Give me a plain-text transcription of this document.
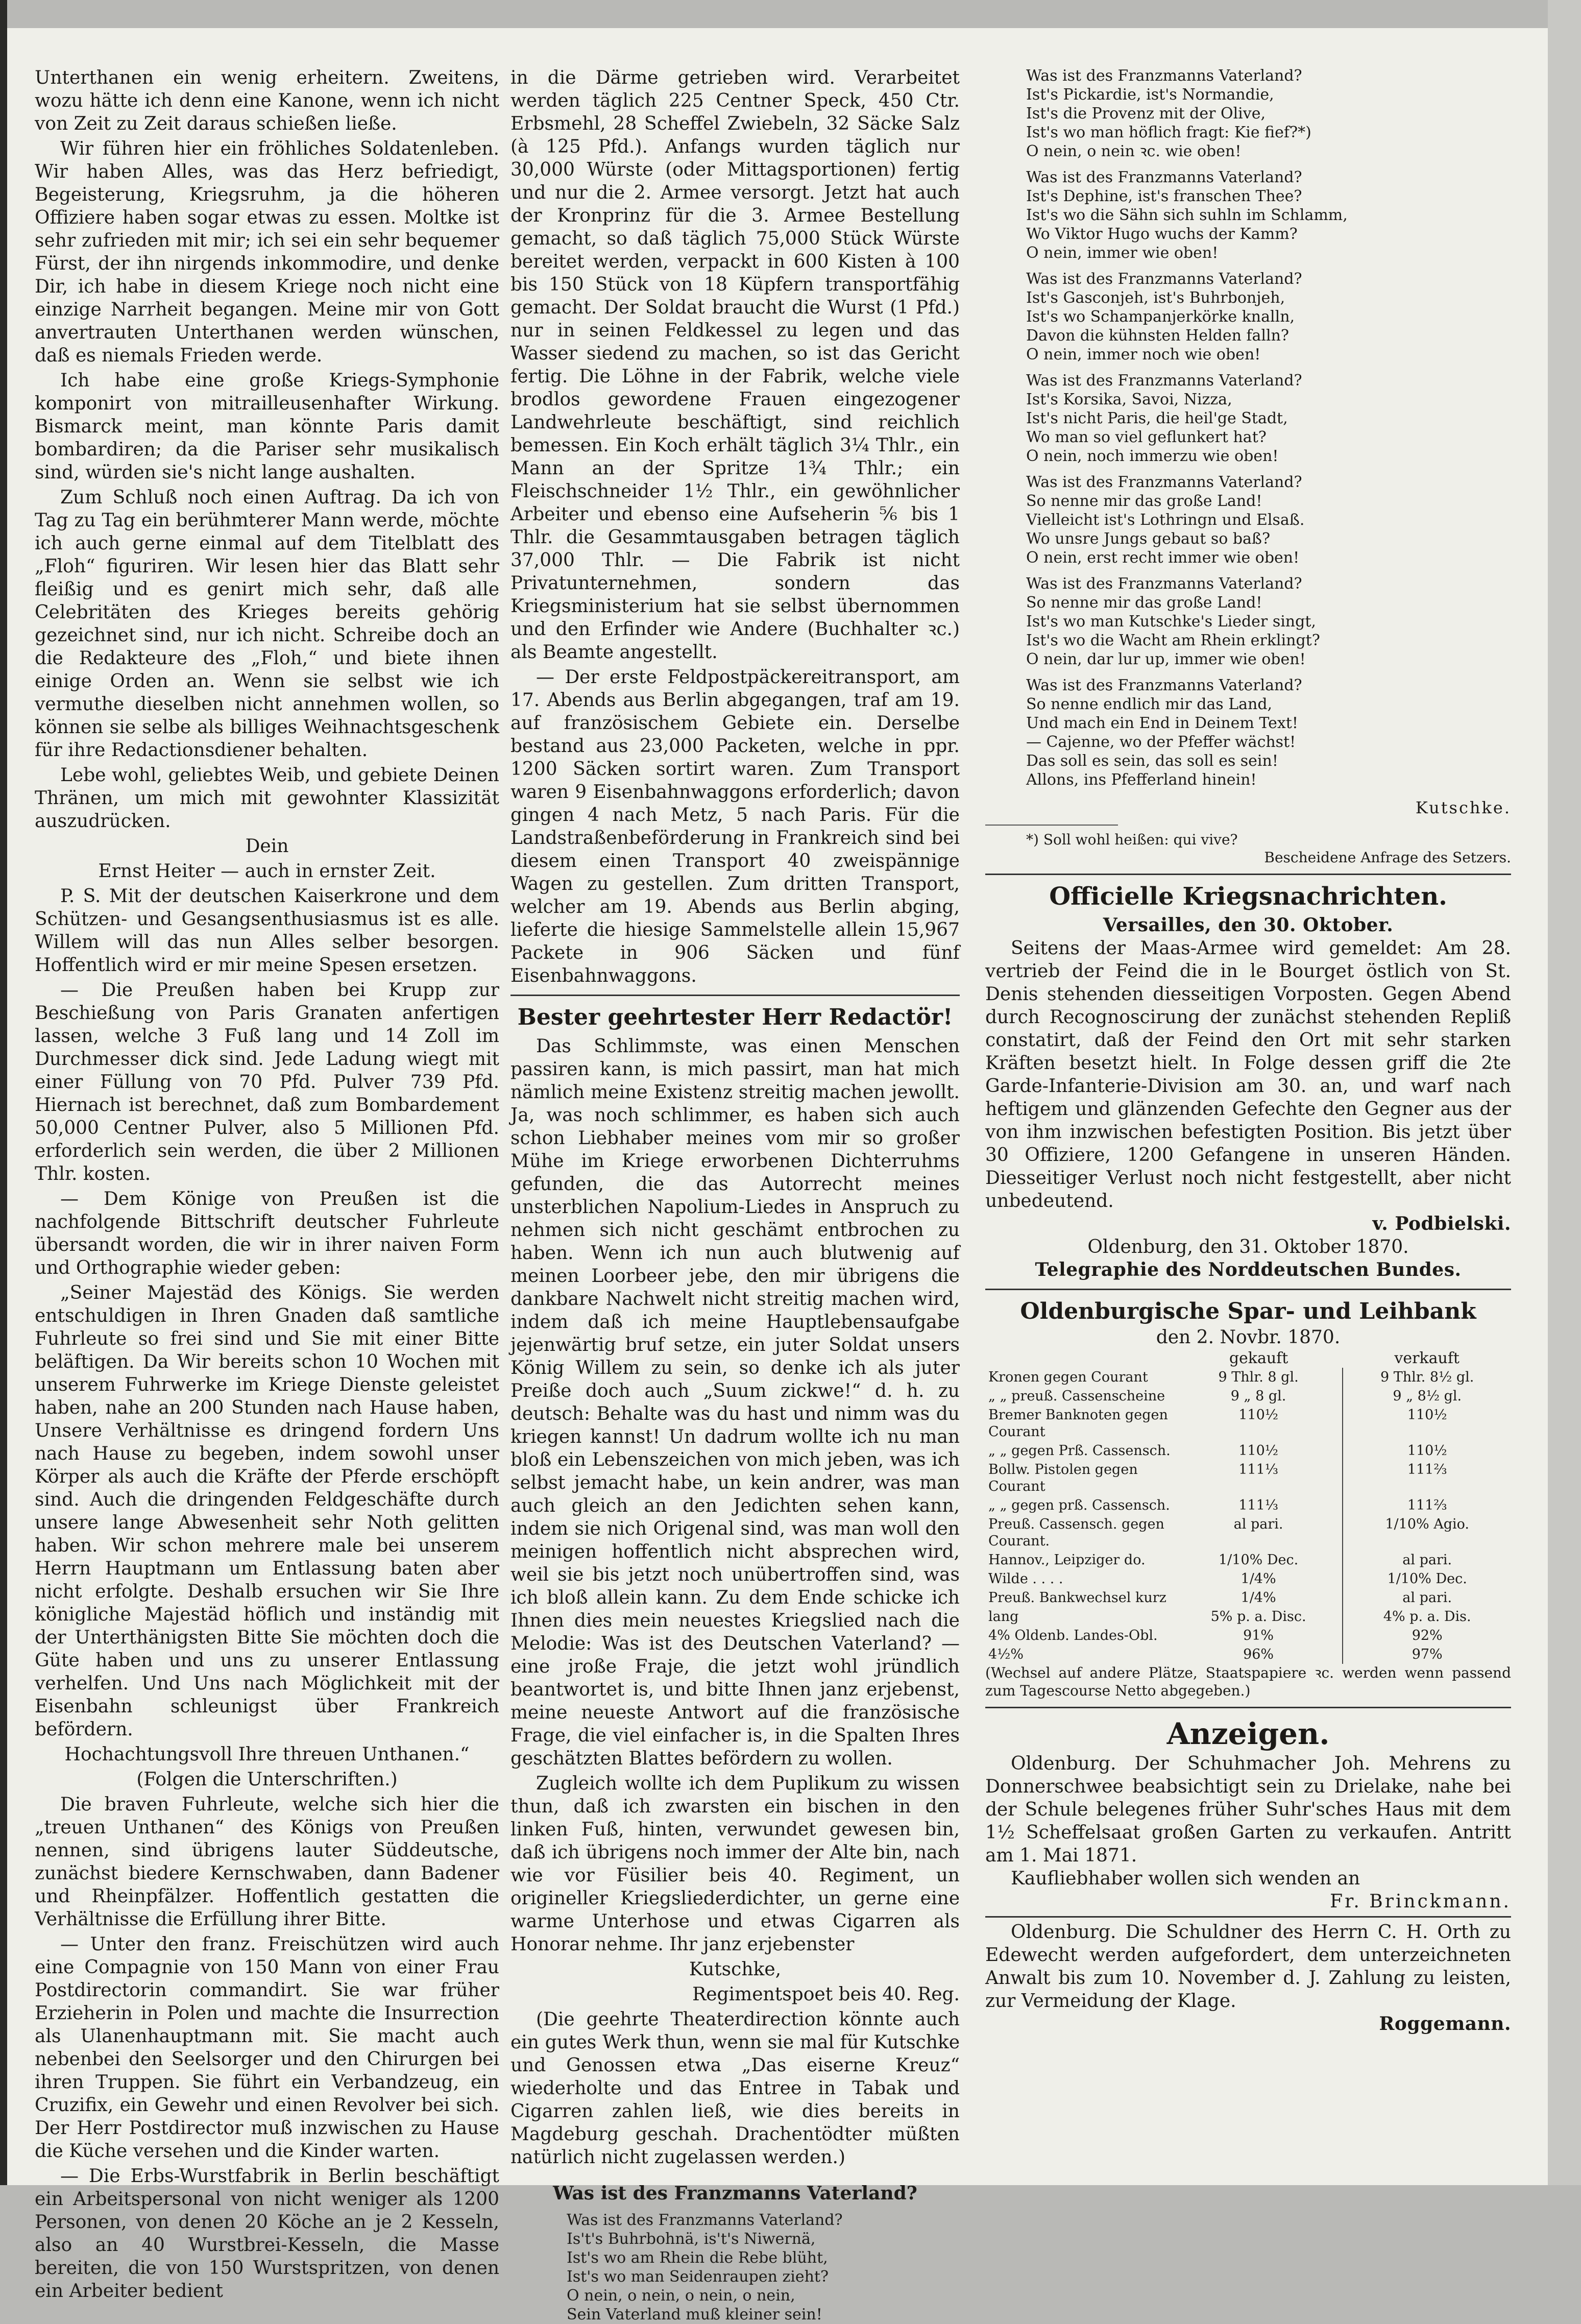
Unterthanen ein wenig erheitern. Zweitens, wozu hätte ich denn eine Kanone, wenn ich nicht von Zeit zu Zeit daraus schießen ließe.

Wir führen hier ein fröhliches Soldatenleben. Wir haben Alles, was das Herz befriedigt, Begeisterung, Kriegsruhm, ja die höheren Offiziere haben sogar etwas zu essen. Moltke ist sehr zufrieden mit mir; ich sei ein sehr bequemer Fürst, der ihn nirgends inkommodire, und denke Dir, ich habe in diesem Kriege noch nicht eine einzige Narrheit begangen. Meine mir von Gott anvertrauten Unterthanen werden wünschen, daß es niemals Frieden werde.

Ich habe eine große Kriegs-Symphonie komponirt von mitrailleusenhafter Wirkung. Bismarck meint, man könnte Paris damit bombardiren; da die Pariser sehr musikalisch sind, würden sie's nicht lange aushalten.

Zum Schluß noch einen Auftrag. Da ich von Tag zu Tag ein berühmterer Mann werde, möchte ich auch gerne einmal auf dem Titelblatt des „Floh“ figuriren. Wir lesen hier das Blatt sehr fleißig und es genirt mich sehr, daß alle Celebritäten des Krieges bereits gehörig gezeichnet sind, nur ich nicht. Schreibe doch an die Redakteure des „Floh,“ und biete ihnen einige Orden an. Wenn sie selbst wie ich vermuthe dieselben nicht annehmen wollen, so können sie selbe als billiges Weihnachtsgeschenk für ihre Redactionsdiener behalten.

Lebe wohl, geliebtes Weib, und gebiete Deinen Thränen, um mich mit gewohnter Klassizität auszudrücken.

Dein

Ernst Heiter — auch in ernster Zeit.

P. S. Mit der deutschen Kaiserkrone und dem Schützen- und Gesangsenthusiasmus ist es alle. Willem will das nun Alles selber besorgen. Hoffentlich wird er mir meine Spesen ersetzen.

— Die Preußen haben bei Krupp zur Beschießung von Paris Granaten anfertigen lassen, welche 3 Fuß lang und 14 Zoll im Durchmesser dick sind. Jede Ladung wiegt mit einer Füllung von 70 Pfd. Pulver 739 Pfd. Hiernach ist berechnet, daß zum Bombardement 50,000 Centner Pulver, also 5 Millionen Pfd. erforderlich sein werden, die über 2 Millionen Thlr. kosten.

— Dem Könige von Preußen ist die nachfolgende Bittschrift deutscher Fuhrleute übersandt worden, die wir in ihrer naiven Form und Orthographie wieder geben:

„Seiner Majestäd des Königs. Sie werden entschuldigen in Ihren Gnaden daß samtliche Fuhrleute so frei sind und Sie mit einer Bitte beläftigen. Da Wir bereits schon 10 Wochen mit unserem Fuhrwerke im Kriege Dienste geleistet haben, nahe an 200 Stunden nach Hause haben, Unsere Verhältnisse es dringend fordern Uns nach Hause zu begeben, indem sowohl unser Körper als auch die Kräfte der Pferde erschöpft sind. Auch die dringenden Feldgeschäfte durch unsere lange Abwesenheit sehr Noth gelitten haben. Wir schon mehrere male bei unserem Herrn Hauptmann um Entlassung baten aber nicht erfolgte. Deshalb ersuchen wir Sie Ihre königliche Majestäd höflich und inständig mit der Unterthänigsten Bitte Sie möchten doch die Güte haben und uns zu unserer Entlassung verhelfen. Und Uns nach Möglichkeit mit der Eisenbahn schleunigst über Frankreich befördern.

Hochachtungsvoll Ihre threuen Unthanen.“

(Folgen die Unterschriften.)

Die braven Fuhrleute, welche sich hier die „treuen Unthanen“ des Königs von Preußen nennen, sind übrigens lauter Süddeutsche, zunächst biedere Kernschwaben, dann Badener und Rheinpfälzer. Hoffentlich gestatten die Verhältnisse die Erfüllung ihrer Bitte.

— Unter den franz. Freischützen wird auch eine Compagnie von 150 Mann von einer Frau Postdirectorin commandirt. Sie war früher Erzieherin in Polen und machte die Insurrection als Ulanenhauptmann mit. Sie macht auch nebenbei den Seelsorger und den Chirurgen bei ihren Truppen. Sie führt ein Verbandzeug, ein Cruzifix, ein Gewehr und einen Revolver bei sich. Der Herr Postdirector muß inzwischen zu Hause die Küche versehen und die Kinder warten.

— Die Erbs-Wurstfabrik in Berlin beschäftigt ein Arbeitspersonal von nicht weniger als 1200 Personen, von denen 20 Köche an je 2 Kesseln, also an 40 Wurstbrei-Kesseln, die Masse bereiten, die von 150 Wurstspritzen, von denen ein Arbeiter bedient

in die Därme getrieben wird. Verarbeitet werden täglich 225 Centner Speck, 450 Ctr. Erbsmehl, 28 Scheffel Zwiebeln, 32 Säcke Salz (à 125 Pfd.). Anfangs wurden täglich nur 30,000 Würste (oder Mittagsportionen) fertig und nur die 2. Armee versorgt. Jetzt hat auch der Kronprinz für die 3. Armee Bestellung gemacht, so daß täglich 75,000 Stück Würste bereitet werden, verpackt in 600 Kisten à 100 bis 150 Stück von 18 Küpfern transportfähig gemacht. Der Soldat braucht die Wurst (1 Pfd.) nur in seinen Feldkessel zu legen und das Wasser siedend zu machen, so ist das Gericht fertig. Die Löhne in der Fabrik, welche viele brodlos gewordene Frauen eingezogener Landwehrleute beschäftigt, sind reichlich bemessen. Ein Koch erhält täglich 3¼ Thlr., ein Mann an der Spritze 1¾ Thlr.; ein Fleischschneider 1½ Thlr., ein gewöhnlicher Arbeiter und ebenso eine Aufseherin ⅚ bis 1 Thlr. die Gesammtausgaben betragen täglich 37,000 Thlr. — Die Fabrik ist nicht Privatunternehmen, sondern das Kriegsministerium hat sie selbst übernommen und den Erfinder wie Andere (Buchhalter ꝛc.) als Beamte angestellt.

— Der erste Feldpostpäckereitransport, am 17. Abends aus Berlin abgegangen, traf am 19. auf französischem Gebiete ein. Derselbe bestand aus 23,000 Packeten, welche in ppr. 1200 Säcken sortirt waren. Zum Transport waren 9 Eisenbahnwaggons erforderlich; davon gingen 4 nach Metz, 5 nach Paris. Für die Landstraßenbeförderung in Frankreich sind bei diesem einen Transport 40 zweispännige Wagen zu gestellen. Zum dritten Transport, welcher am 19. Abends aus Berlin abging, lieferte die hiesige Sammelstelle allein 15,967 Packete in 906 Säcken und fünf Eisenbahnwaggons.

Bester geehrtester Herr Redactör!

Das Schlimmste, was einen Menschen passiren kann, is mich passirt, man hat mich nämlich meine Existenz streitig machen jewollt. Ja, was noch schlimmer, es haben sich auch schon Liebhaber meines vom mir so großer Mühe im Kriege erworbenen Dichterruhms gefunden, die das Autorrecht meines unsterblichen Napolium-Liedes in Anspruch zu nehmen sich nicht geschämt entbrochen zu haben. Wenn ich nun auch blutwenig auf meinen Loorbeer jebe, den mir übrigens die dankbare Nachwelt nicht streitig machen wird, indem daß ich meine Hauptlebensaufgabe jejenwärtig bruf setze, ein juter Soldat unsers König Willem zu sein, so denke ich als juter Preiße doch auch „Suum zickwe!“ d. h. zu deutsch: Behalte was du hast und nimm was du kriegen kannst! Un dadrum wollte ich nu man bloß ein Lebenszeichen von mich jeben, was ich selbst jemacht habe, un kein andrer, was man auch gleich an den Jedichten sehen kann, indem sie nich Origenal sind, was man woll den meinigen hoffentlich nicht absprechen wird, weil sie bis jetzt noch unübertroffen sind, was ich bloß allein kann. Zu dem Ende schicke ich Ihnen dies mein neuestes Kriegslied nach die Melodie: Was ist des Deutschen Vaterland? — eine jroße Fraje, die jetzt wohl jründlich beantwortet is, und bitte Ihnen janz erjebenst, meine neueste Antwort auf die französische Frage, die viel einfacher is, in die Spalten Ihres geschätzten Blattes befördern zu wollen.

Zugleich wollte ich dem Puplikum zu wissen thun, daß ich zwarsten ein bischen in den linken Fuß, hinten, verwundet gewesen bin, daß ich übrigens noch immer der Alte bin, nach wie vor Füsilier beis 40. Regiment, un origineller Kriegsliederdichter, un gerne eine warme Unterhose und etwas Cigarren als Honorar nehme. Ihr janz erjebenster

Kutschke,

Regimentspoet beis 40. Reg.

(Die geehrte Theaterdirection könnte auch ein gutes Werk thun, wenn sie mal für Kutschke und Genossen etwa „Das eiserne Kreuz“ wiederholte und das Entree in Tabak und Cigarren zahlen ließ, wie dies bereits in Magdeburg geschah. Drachentödter müßten natürlich nicht zugelassen werden.)

Was ist des Franzmanns Vaterland?

Was ist des Franzmanns Vaterland?

Is't's Buhrbohnä, is't's Niwernä,

Ist's wo am Rhein die Rebe blüht,

Ist's wo man Seidenraupen zieht?

O nein, o nein, o nein, o nein,

Sein Vaterland muß kleiner sein!

Was ist des Franzmanns Vaterland?

Ist's Pickardie, ist's Normandie,

Ist's die Provenz mit der Olive,

Ist's wo man höflich fragt: Kie fief?*)

O nein, o nein ꝛc. wie oben!

Was ist des Franzmanns Vaterland?

Ist's Dephine, ist's franschen Thee?

Ist's wo die Sähn sich suhln im Schlamm,

Wo Viktor Hugo wuchs der Kamm?

O nein, immer wie oben!

Was ist des Franzmanns Vaterland?

Ist's Gasconjeh, ist's Buhrbonjeh,

Ist's wo Schampanjerkörke knalln,

Davon die kühnsten Helden falln?

O nein, immer noch wie oben!

Was ist des Franzmanns Vaterland?

Ist's Korsika, Savoi, Nizza,

Ist's nicht Paris, die heil'ge Stadt,

Wo man so viel geflunkert hat?

O nein, noch immerzu wie oben!

Was ist des Franzmanns Vaterland?

So nenne mir das große Land!

Vielleicht ist's Lothringn und Elsaß.

Wo unsre Jungs gebaut so baß?

O nein, erst recht immer wie oben!

Was ist des Franzmanns Vaterland?

So nenne mir das große Land!

Ist's wo man Kutschke's Lieder singt,

Ist's wo die Wacht am Rhein erklingt?

O nein, dar lur up, immer wie oben!

Was ist des Franzmanns Vaterland?

So nenne endlich mir das Land,

Und mach ein End in Deinem Text!

— Cajenne, wo der Pfeffer wächst!

Das soll es sein, das soll es sein!

Allons, ins Pfefferland hinein!

Kutschke.
*) Soll wohl heißen: qui vive?
Bescheidene Anfrage des Setzers.
Officielle Kriegsnachrichten.
Versailles, den 30. Oktober.

Seitens der Maas-Armee wird gemeldet: Am 28. vertrieb der Feind die in le Bourget östlich von St. Denis stehenden diesseitigen Vorposten. Gegen Abend durch Recognoscirung der zunächst stehenden Repliß constatirt, daß der Feind den Ort mit sehr starken Kräften besetzt hielt. In Folge dessen griff die 2te Garde-Infanterie-Division am 30. an, und warf nach heftigem und glänzenden Gefechte den Gegner aus der von ihm inzwischen befestigten Position. Bis jetzt über 30 Offiziere, 1200 Gefangene in unseren Händen. Diesseitiger Verlust noch nicht festgestellt, aber nicht unbedeutend.

v. Podbielski.
Oldenburg, den 31. Oktober 1870.
Telegraphie des Norddeutschen Bundes.
Oldenburgische Spar- und Leihbank
den 2. Novbr. 1870.
	gekauft	verkauft
Kronen gegen Courant	9 Thlr. 8 gl.	9 Thlr. 8½ gl.
„ „ preuß. Cassenscheine	9 „ 8 gl.	9 „ 8½ gl.
Bremer Banknoten gegen Courant	110½	110½
„ „ gegen Prß. Cassensch.	110½	110½
Bollw. Pistolen gegen Courant	111⅓	111⅔
„ „ gegen prß. Cassensch.	111⅓	111⅔
Preuß. Cassensch. gegen Courant.	al pari.	1/10% Agio.
Hannov., Leipziger do.	1/10% Dec.	al pari.
Wilde . . . .	1/4%	1/10% Dec.
Preuß. Bankwechsel kurz	1/4%	al pari.
lang	5% p. a. Disc.	4% p. a. Dis.
4% Oldenb. Landes-Obl.	91%	92%
4½%	96%	97%
(Wechsel auf andere Plätze, Staatspapiere ꝛc. werden wenn passend zum Tagescourse Netto abgegeben.)
Anzeigen.

Oldenburg. Der Schuhmacher Joh. Mehrens zu Donnerschwee beabsichtigt sein zu Drielake, nahe bei der Schule belegenes früher Suhr'sches Haus mit dem 1½ Scheffelsaat großen Garten zu verkaufen. Antritt am 1. Mai 1871.

Kaufliebhaber wollen sich wenden an
Fr. Brinckmann.

Oldenburg. Die Schuldner des Herrn C. H. Orth zu Edewecht werden aufgefordert, dem unterzeichneten Anwalt bis zum 10. November d. J. Zahlung zu leisten, zur Vermeidung der Klage.

Roggemann.
